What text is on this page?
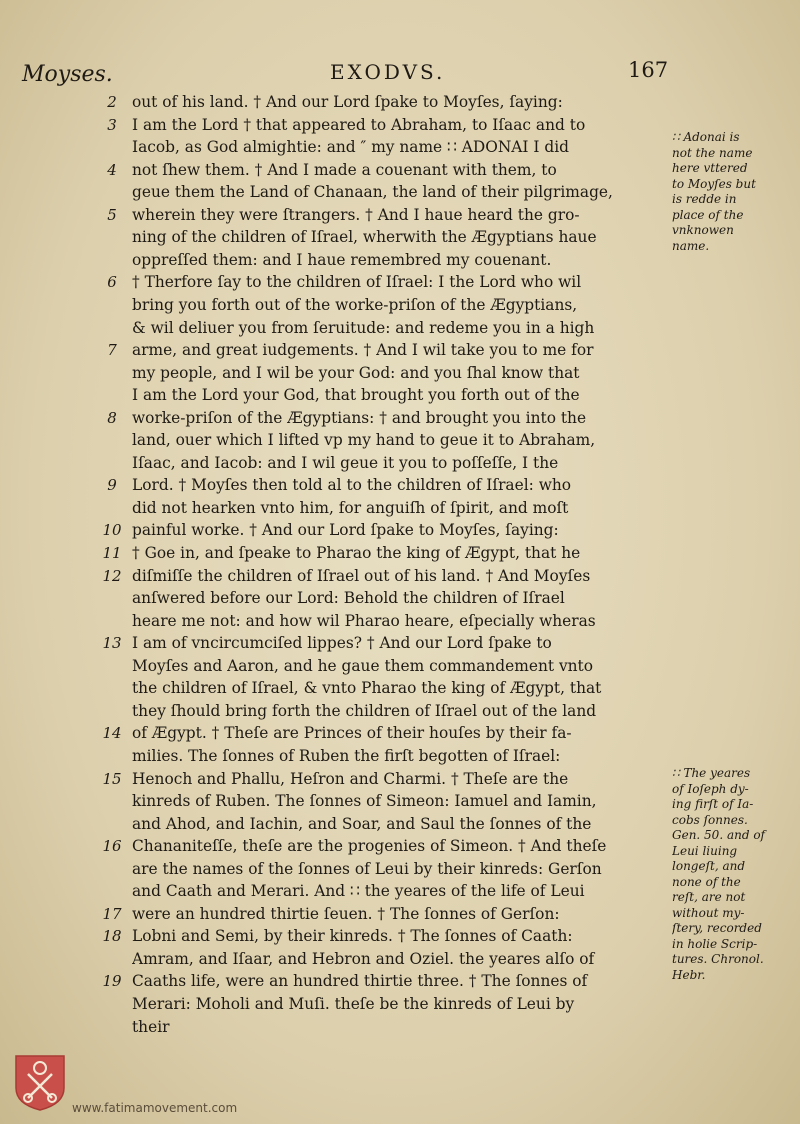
Moyses.	EXODVS.	167
2 out of his land. † And our Lord ſpake to Moyſes, ſaying:
3 I am the Lord † that appeared to Abraham, to Iſaac and to
Iacob, as God almightie: and ″ my name ∷ ADONAI I did
4 not ſhew them. † And I made a couenant with them, to
geue them the Land of Chanaan, the land of their pilgrimage,
5 wherein they were ſtrangers. † And I haue heard the gro-
ning of the children of Iſrael, wherwith the Ægyptians haue
oppreſſed them: and I haue remembred my couenant.
6 † Therfore ſay to the children of Iſrael: I the Lord who wil
bring you forth out of the worke-priſon of the Ægyptians,
& wil deliuer you from ſeruitude: and redeme you in a high
7 arme, and great iudgements. † And I wil take you to me for
my people, and I wil be your God: and you ſhal know that
I am the Lord your God, that brought you forth out of the
8 worke-priſon of the Ægyptians: † and brought you into the
land, ouer which I lifted vp my hand to geue it to Abraham,
Iſaac, and Iacob: and I wil geue it you to poſſeſſe, I the
9 Lord. † Moyſes then told al to the children of Iſrael: who
did not hearken vnto him, for anguiſh of ſpirit, and moſt
10 painful worke. † And our Lord ſpake to Moyſes, ſaying:
11 † Goe in, and ſpeake to Pharao the king of Ægypt, that he
12 diſmiſſe the children of Iſrael out of his land. † And Moyſes
anſwered before our Lord: Behold the children of Iſrael
heare me not: and how wil Pharao heare, eſpecially wheras
13 I am of vncircumciſed lippes? † And our Lord ſpake to
Moyſes and Aaron, and he gaue them commandement vnto
the children of Iſrael, & vnto Pharao the king of Ægypt, that
they ſhould bring forth the children of Iſrael out of the land
14 of Ægypt. † Theſe are Princes of their houſes by their fa-
milies. The ſonnes of Ruben the firſt begotten of Iſrael:
15 Henoch and Phallu, Heſron and Charmi. † Theſe are the
kinreds of Ruben. The ſonnes of Simeon: Iamuel and Iamin,
and Ahod, and Iachin, and Soar, and Saul the ſonnes of the
16 Chananiteſſe, theſe are the progenies of Simeon. † And theſe
are the names of the ſonnes of Leui by their kinreds: Gerſon
and Caath and Merari. And ∷ the yeares of the life of Leui
17 were an hundred thirtie ſeuen. † The ſonnes of Gerſon:
18 Lobni and Semi, by their kinreds. † The ſonnes of Caath:
Amram, and Iſaar, and Hebron and Oziel. the yeares alſo of
19 Caaths life, were an hundred thirtie three. † The ſonnes of
Merari: Moholi and Muſi. theſe be the kinreds of Leui by
their
∷ Adonai is
not the name
here vttered
to Moyſes but
is redde in
place of the
vnknowen
name.
∷ The yeares
of Ioſeph dy-
ing firſt of Ia-
cobs ſonnes.
Gen. 50. and of
Leui liuing
longeſt, and
none of the
reſt, are not
without my-
ſtery, recorded
in holie Scrip-
tures. Chronol.
Hebr.
www.fatimamovement.com
